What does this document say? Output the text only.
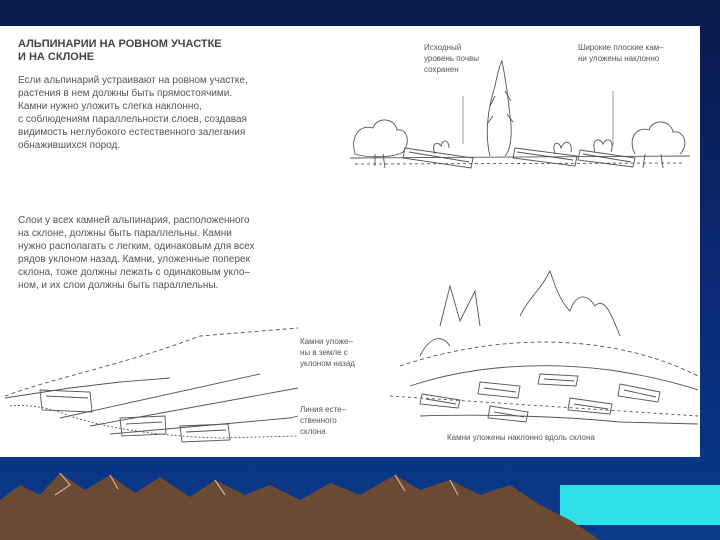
АЛЬПИНАРИИ НА РОВНОМ УЧАСТКЕ
И НА СКЛОНЕ
Если альпинарий устраивают на ровном участке,
растения в нем должны быть прямостоячими.
Камни нужно уложить слегка наклонно,
с соблюдениям параллельности слоев, создавая
видимость неглубокого естественного залегания
обнажившихся пород.
Слои у всех камней альпинария, расположенного
на склоне, должны быть параллельны. Камни
нужно располагать с легким, одинаковым для всех
рядов уклоном назад. Камни, уложенные поперек
склона, тоже должны лежать с одинаковым укло–
ном, и их слои должны быть параллельны.
Исходный
уровень почвы
сохранен
Широкие плоские кам–
ни уложены наклонно
Камни уложе–
ны в земле с
уклоном назад
Линия есте–
ственного
склона
Камни уложены наклонно вдоль склона
